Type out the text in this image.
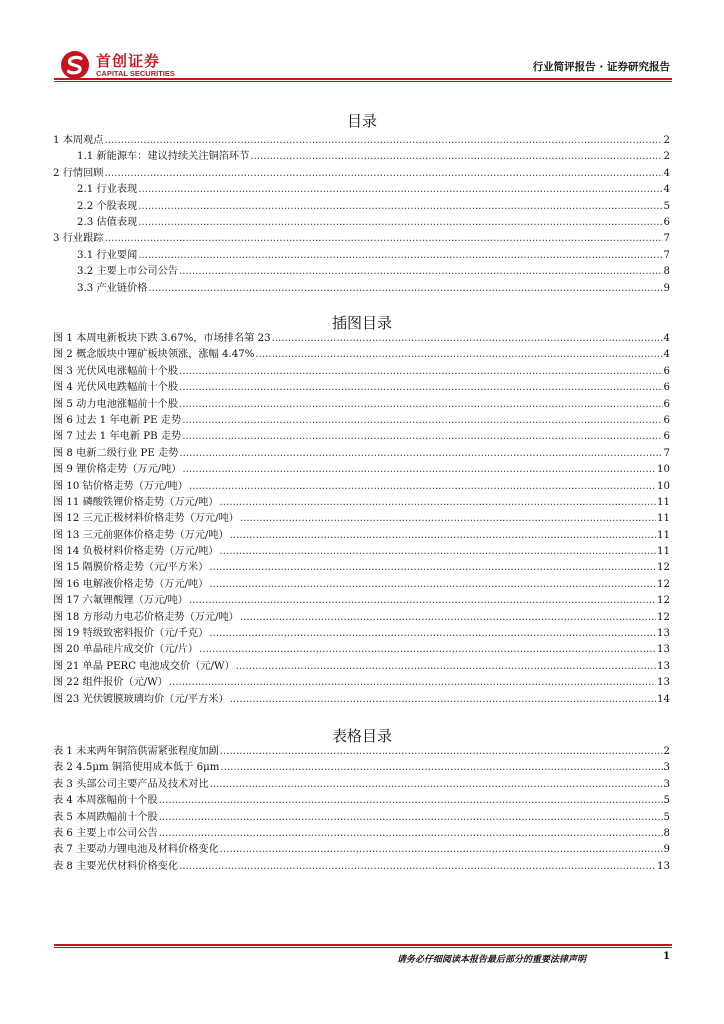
首创证券
CAPITAL SECURITIES
行业简评报告 · 证券研究报告
目录
1 本周观点 .....	2
1.1 新能源车：建议持续关注铜箔环节 .....	2
2 行情回顾 .....	4
2.1 行业表现 .....	4
2.2 个股表现 .....	5
2.3 估值表现 .....	6
3 行业跟踪 .....	7
3.1 行业要闻 .....	7
3.2 主要上市公司公告 .....	8
3.3 产业链价格 .....	9
插图目录
图 1 本周电新板块下跌 3.67%，市场排名第 23 .....	4
图 2 概念版块中锂矿板块领涨，涨幅 4.47% .....	4
图 3 光伏风电涨幅前十个股 .....	6
图 4 光伏风电跌幅前十个股 .....	6
图 5 动力电池涨幅前十个股 .....	6
图 6 过去 1 年电新 PE 走势 .....	6
图 7 过去 1 年电新 PB 走势 .....	6
图 8 电新二级行业 PE 走势 .....	7
图 9 锂价格走势（万元/吨） .....	10
图 10 钴价格走势（万元/吨） .....	10
图 11 磷酸铁锂价格走势（万元/吨） .....	11
图 12 三元正极材料价格走势（万元/吨） .....	11
图 13 三元前驱体价格走势（万元/吨） .....	11
图 14 负极材料价格走势（万元/吨） .....	11
图 15 隔膜价格走势（元/平方米） .....	12
图 16 电解液价格走势（万元/吨） .....	12
图 17 六氟锂酸锂（万元/吨） .....	12
图 18 方形动力电芯价格走势（万元/吨） .....	12
图 19 特级致密料报价（元/千克） .....	13
图 20 单晶硅片成交价（元/片） .....	13
图 21 单晶 PERC 电池成交价（元/W） .....	13
图 22 组件报价（元/W） .....	13
图 23 光伏镀膜玻璃均价（元/平方米） .....	14
表格目录
表 1 未来两年铜箔供需紧张程度加剧 .....	2
表 2 4.5μm 铜箔使用成本低于 6μm .....	3
表 3 头部公司主要产品及技术对比 .....	3
表 4 本周涨幅前十个股 .....	5
表 5 本周跌幅前十个股 .....	5
表 6 主要上市公司公告 .....	8
表 7 主要动力锂电池及材料价格变化 .....	9
表 8 主要光伏材料价格变化 .....	13
请务必仔细阅读本报告最后部分的重要法律声明	1
